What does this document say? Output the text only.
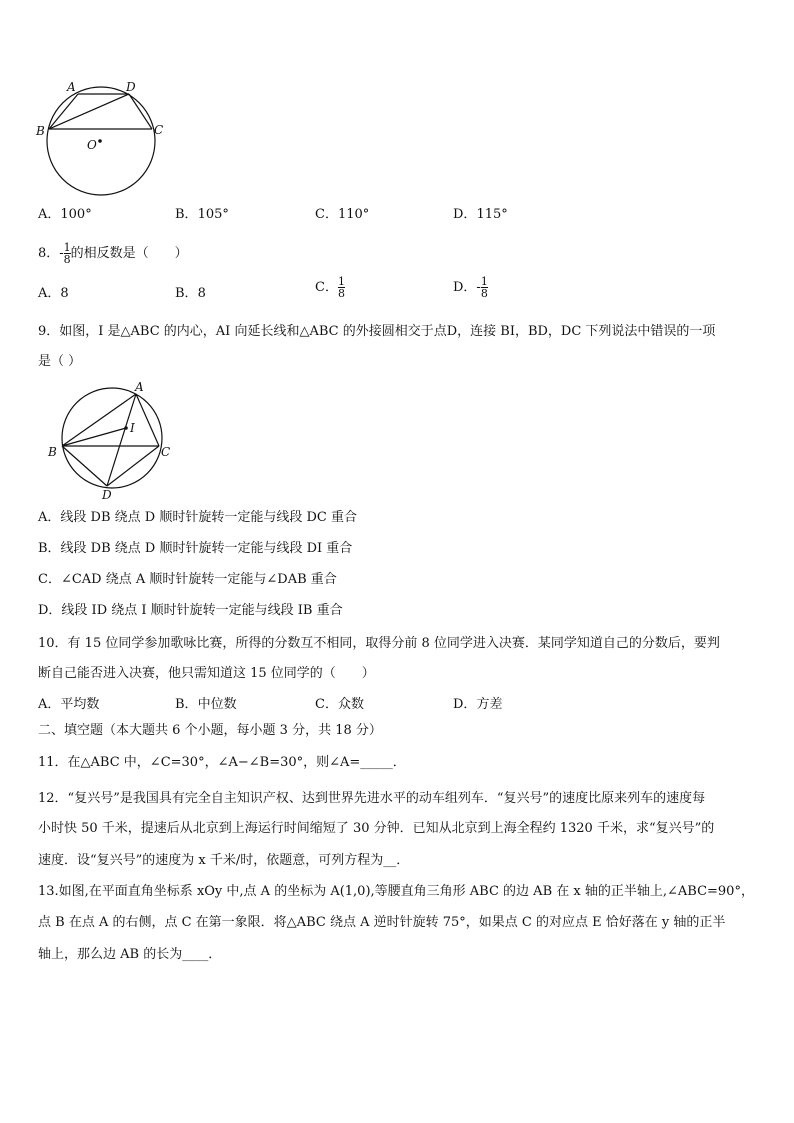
A	D
B	C
O
A．100°	B．105°	C．110°	D．115°
8．- $\frac{1}{8}$ 的相反数是（　　）
A．8	B．8	C． $\frac{1}{8}$	D．- $\frac{1}{8}$
9．如图，I 是△ABC 的内心，AI 向延长线和△ABC 的外接圆相交于点D，连接 BI，BD，DC 下列说法中错误的一项
是（ ）
A
I
B	C
D
A．线段 DB 绕点 D 顺时针旋转一定能与线段 DC 重合
B．线段 DB 绕点 D 顺时针旋转一定能与线段 DI 重合
C．∠CAD 绕点 A 顺时针旋转一定能与∠DAB 重合
D．线段 ID 绕点 I 顺时针旋转一定能与线段 IB 重合
10．有 15 位同学参加歌咏比赛，所得的分数互不相同，取得分前 8 位同学进入决赛．某同学知道自己的分数后，要判
断自己能否进入决赛，他只需知道这 15 位同学的（　　）
A．平均数	B．中位数	C．众数	D．方差
二、填空题（本大题共 6 个小题，每小题 3 分，共 18 分）
11．在△ABC 中，∠C=30°，∠A−∠B=30°，则∠A=_____．
12．“复兴号”是我国具有完全自主知识产权、达到世界先进水平的动车组列车．“复兴号”的速度比原来列车的速度每
小时快 50 千米，提速后从北京到上海运行时间缩短了 30 分钟．已知从北京到上海全程约 1320 千米，求“复兴号”的
速度．设“复兴号”的速度为 x 千米/时，依题意，可列方程为__．
13.如图,在平面直角坐标系 xOy 中,点 A 的坐标为 A(1,0),等腰直角三角形 ABC 的边 AB 在 x 轴的正半轴上,∠ABC=90°，
点 B 在点 A 的右侧，点 C 在第一象限．将△ABC 绕点 A 逆时针旋转 75°，如果点 C 的对应点 E 恰好落在 y 轴的正半
轴上，那么边 AB 的长为____．
